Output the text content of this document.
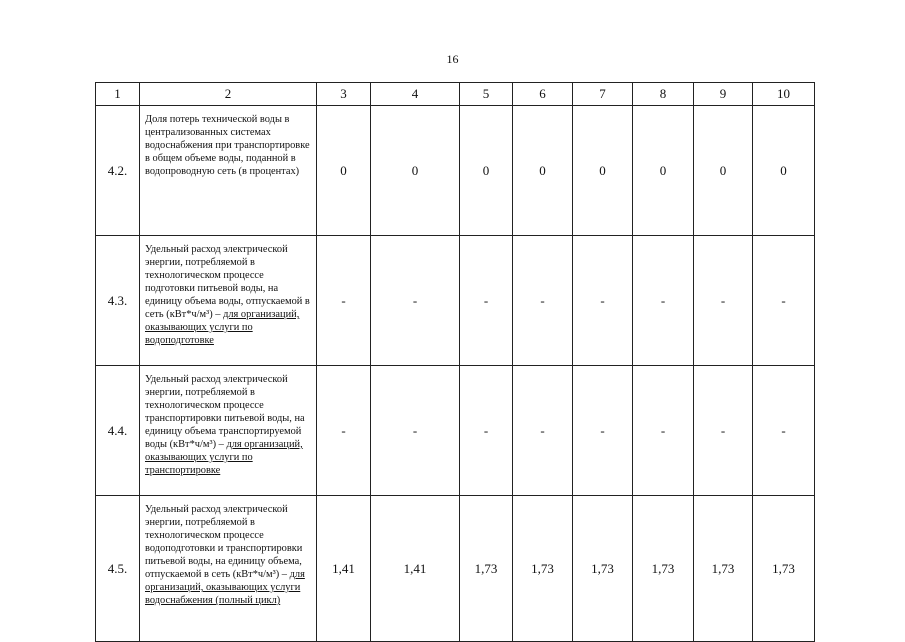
16
1	2	3	4	5	6	7	8	9	10
4.2.	Доля потерь технической воды в централизованных системах водоснабжения при транспортировке в общем объеме воды, поданной в водопроводную сеть (в процентах)	0	0	0	0	0	0	0	0
4.3.	Удельный расход электрической энергии, потребляемой в технологическом процессе подготовки питьевой воды, на единицу объема воды, отпускаемой в сеть (кВт*ч/м³) – для организаций, оказывающих услуги по водоподготовке	-	-	-	-	-	-	-	-
4.4.	Удельный расход электрической энергии, потребляемой в технологическом процессе транспортировки питьевой воды, на единицу объема транспортируемой воды (кВт*ч/м³) – для организаций, оказывающих услуги по транспортировке	-	-	-	-	-	-	-	-
4.5.	Удельный расход электрической энергии, потребляемой в технологическом процессе водоподготовки и транспортировки питьевой воды, на единицу объема, отпускаемой в сеть (кВт*ч/м³) – для организаций, оказывающих услуги водоснабжения (полный цикл)	1,41	1,41	1,73	1,73	1,73	1,73	1,73	1,73
